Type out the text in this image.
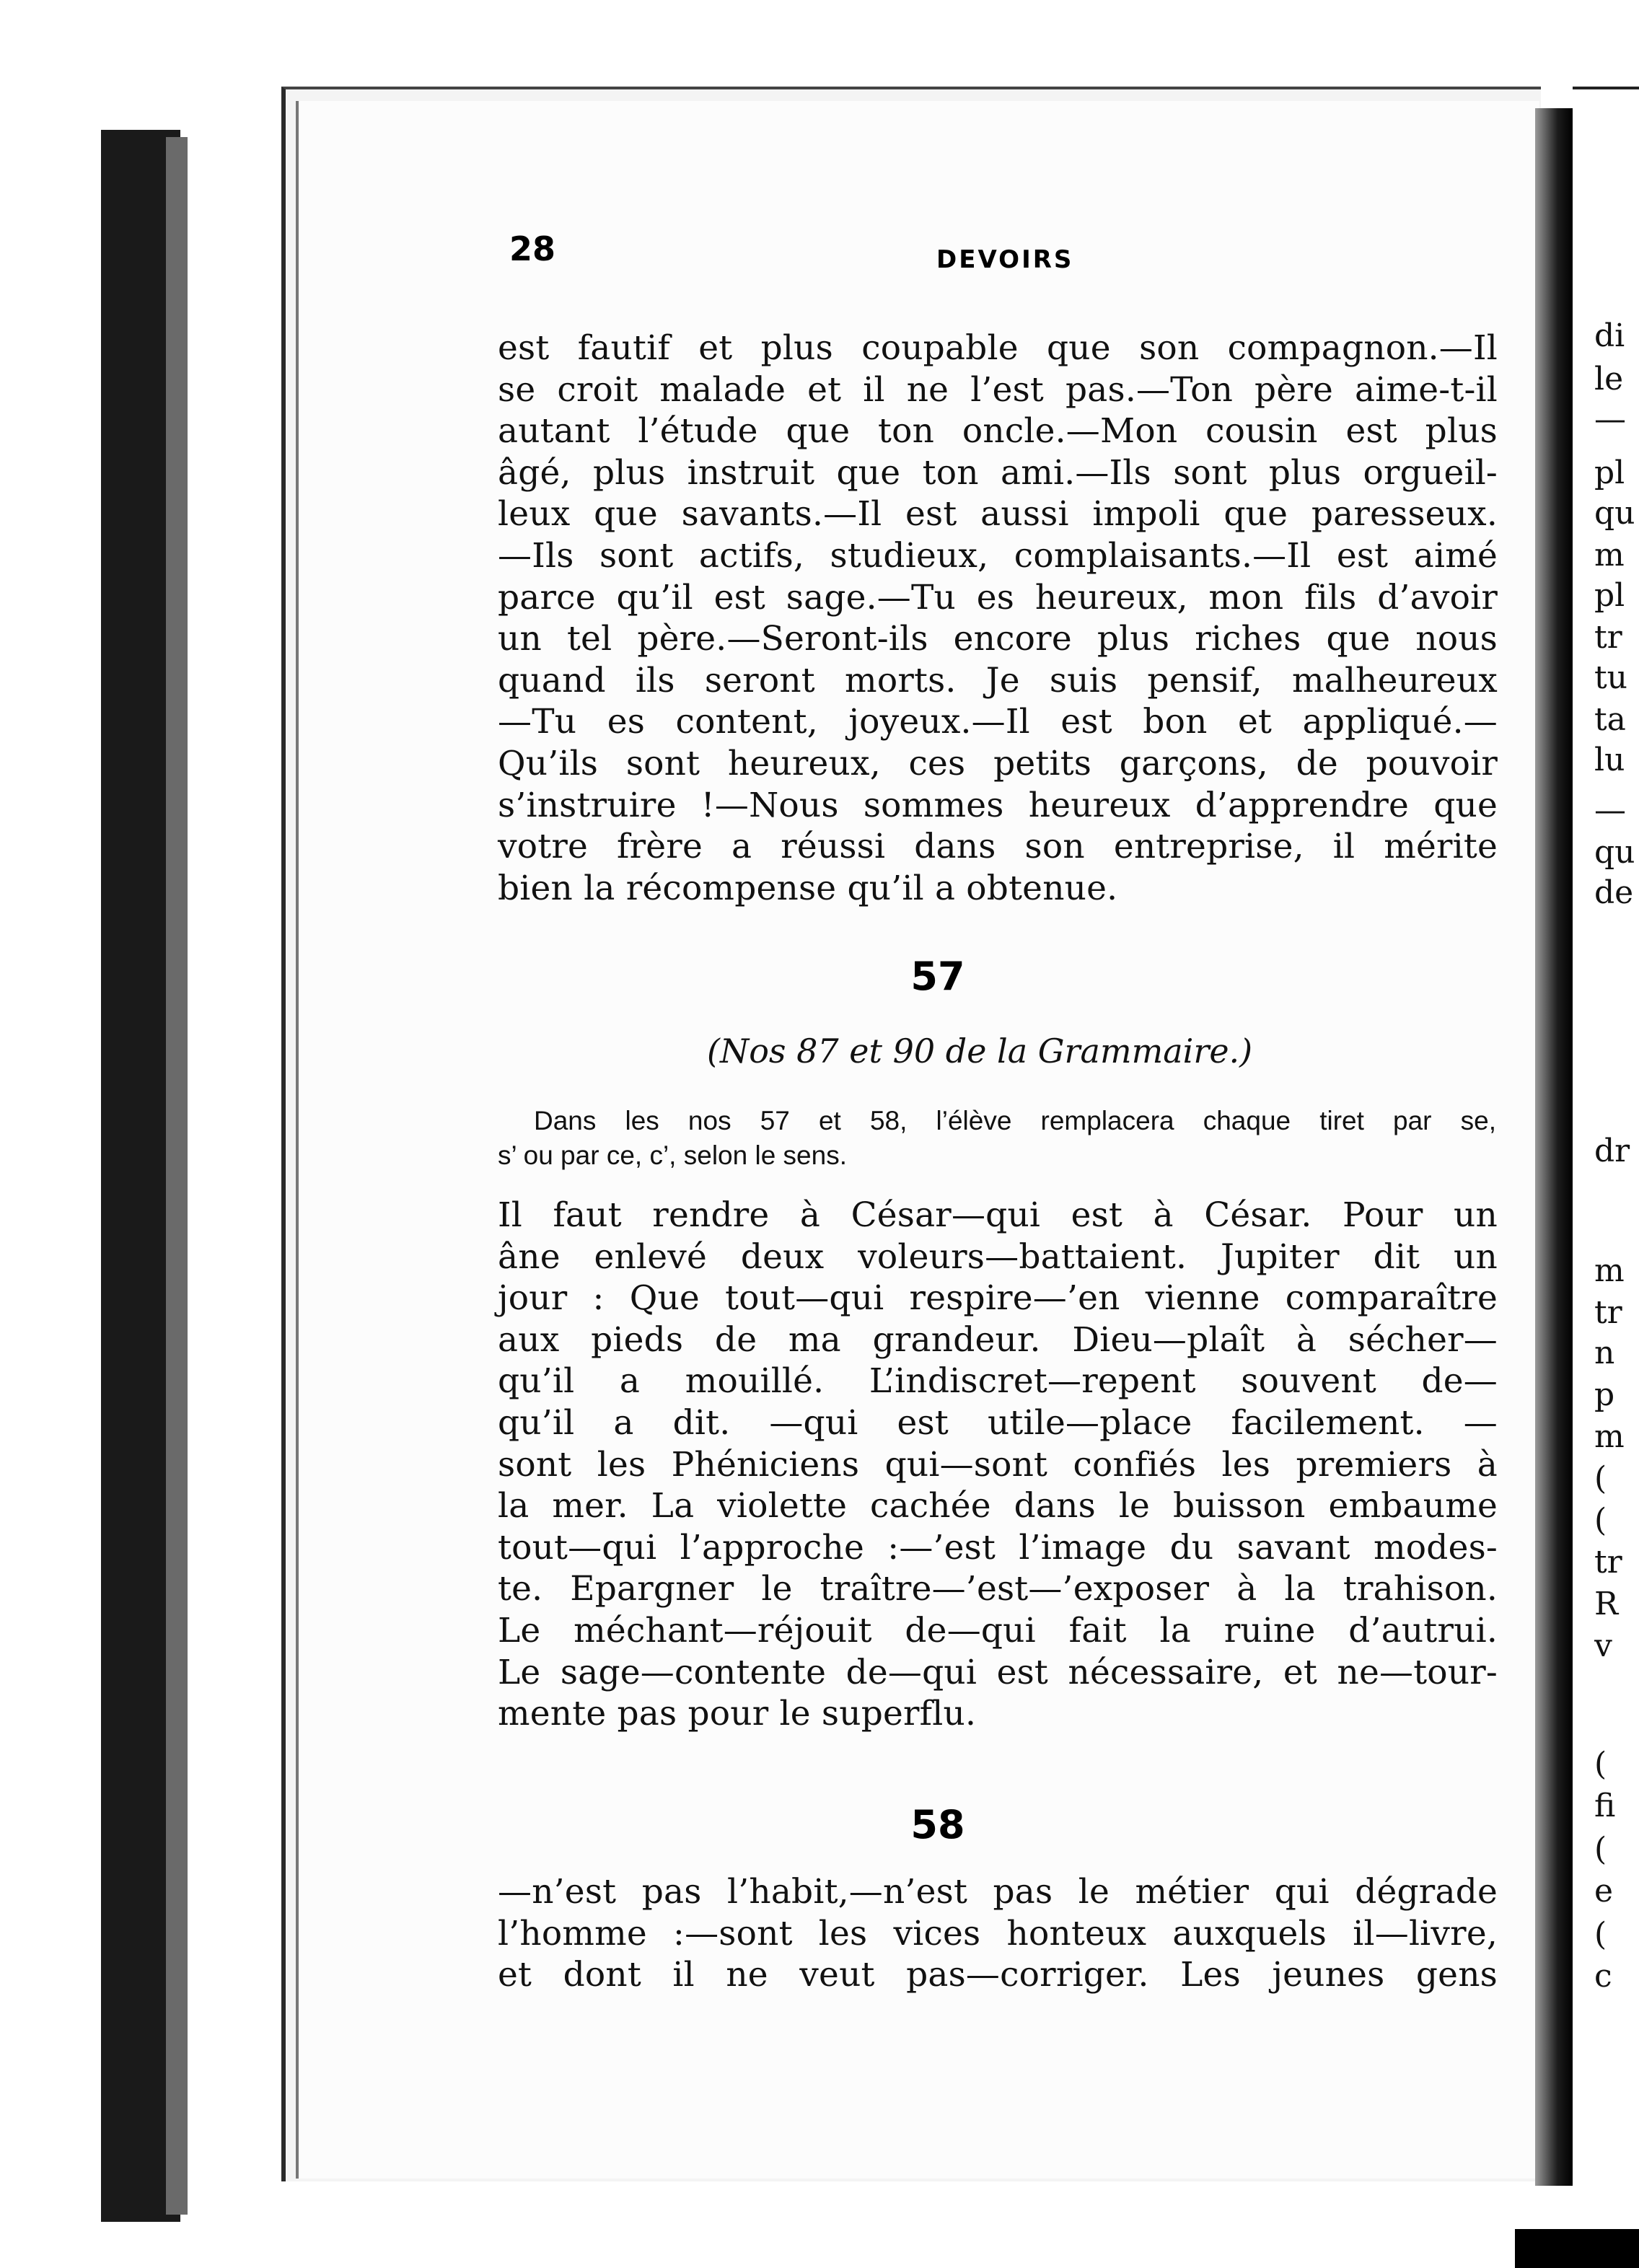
28	DEVOIRS

est fautif et plus coupable que son compagnon.—Il
se croit malade et il ne l’est pas.—Ton père aime-t-il
autant l’étude que ton oncle.—Mon cousin est plus
âgé, plus instruit que ton ami.—Ils sont plus orgueil-
leux que savants.—Il est aussi impoli que paresseux.
—Ils sont actifs, studieux, complaisants.—Il est aimé
parce qu’il est sage.—Tu es heureux, mon fils d’avoir
un tel père.—Seront-ils encore plus riches que nous
quand ils seront morts. Je suis pensif, malheureux
—Tu es content, joyeux.—Il est bon et appliqué.—
Qu’ils sont heureux, ces petits garçons, de pouvoir
s’instruire !—Nous sommes heureux d’apprendre que
votre frère a réussi dans son entreprise, il mérite
bien la récompense qu’il a obtenue.

57
(Nos 87 et 90 de la Grammaire.)
Dans les nos 57 et 58, l’élève remplacera chaque tiret par se,
s’ ou par ce, c’, selon le sens.

Il faut rendre à César—qui est à César. Pour un
âne enlevé deux voleurs—battaient. Jupiter dit un
jour : Que tout—qui respire—’en vienne comparaître
aux pieds de ma grandeur. Dieu—plaît à sécher—
qu’il a mouillé. L’indiscret—repent souvent de—
qu’il a dit. —qui est utile—place facilement. —
sont les Phéniciens qui—sont confiés les premiers à
la mer. La violette cachée dans le buisson embaume
tout—qui l’approche :—’est l’image du savant modes-
te. Epargner le traître—’est—’exposer à la trahison.
Le méchant—réjouit de—qui fait la ruine d’autrui.
Le sage—contente de—qui est nécessaire, et ne—tour-
mente pas pour le superflu.

58

—n’est pas l’habit,—n’est pas le métier qui dégrade
l’homme :—sont les vices honteux auxquels il—livre,
et dont il ne veut pas—corriger. Les jeunes gens

di
le
—
pl
qu
m
pl
tr
tu
ta
lu
—
qu
de
dr
m
tr
n
p
m
(
(
tr
R
v
(
fi
(
e
(
c
